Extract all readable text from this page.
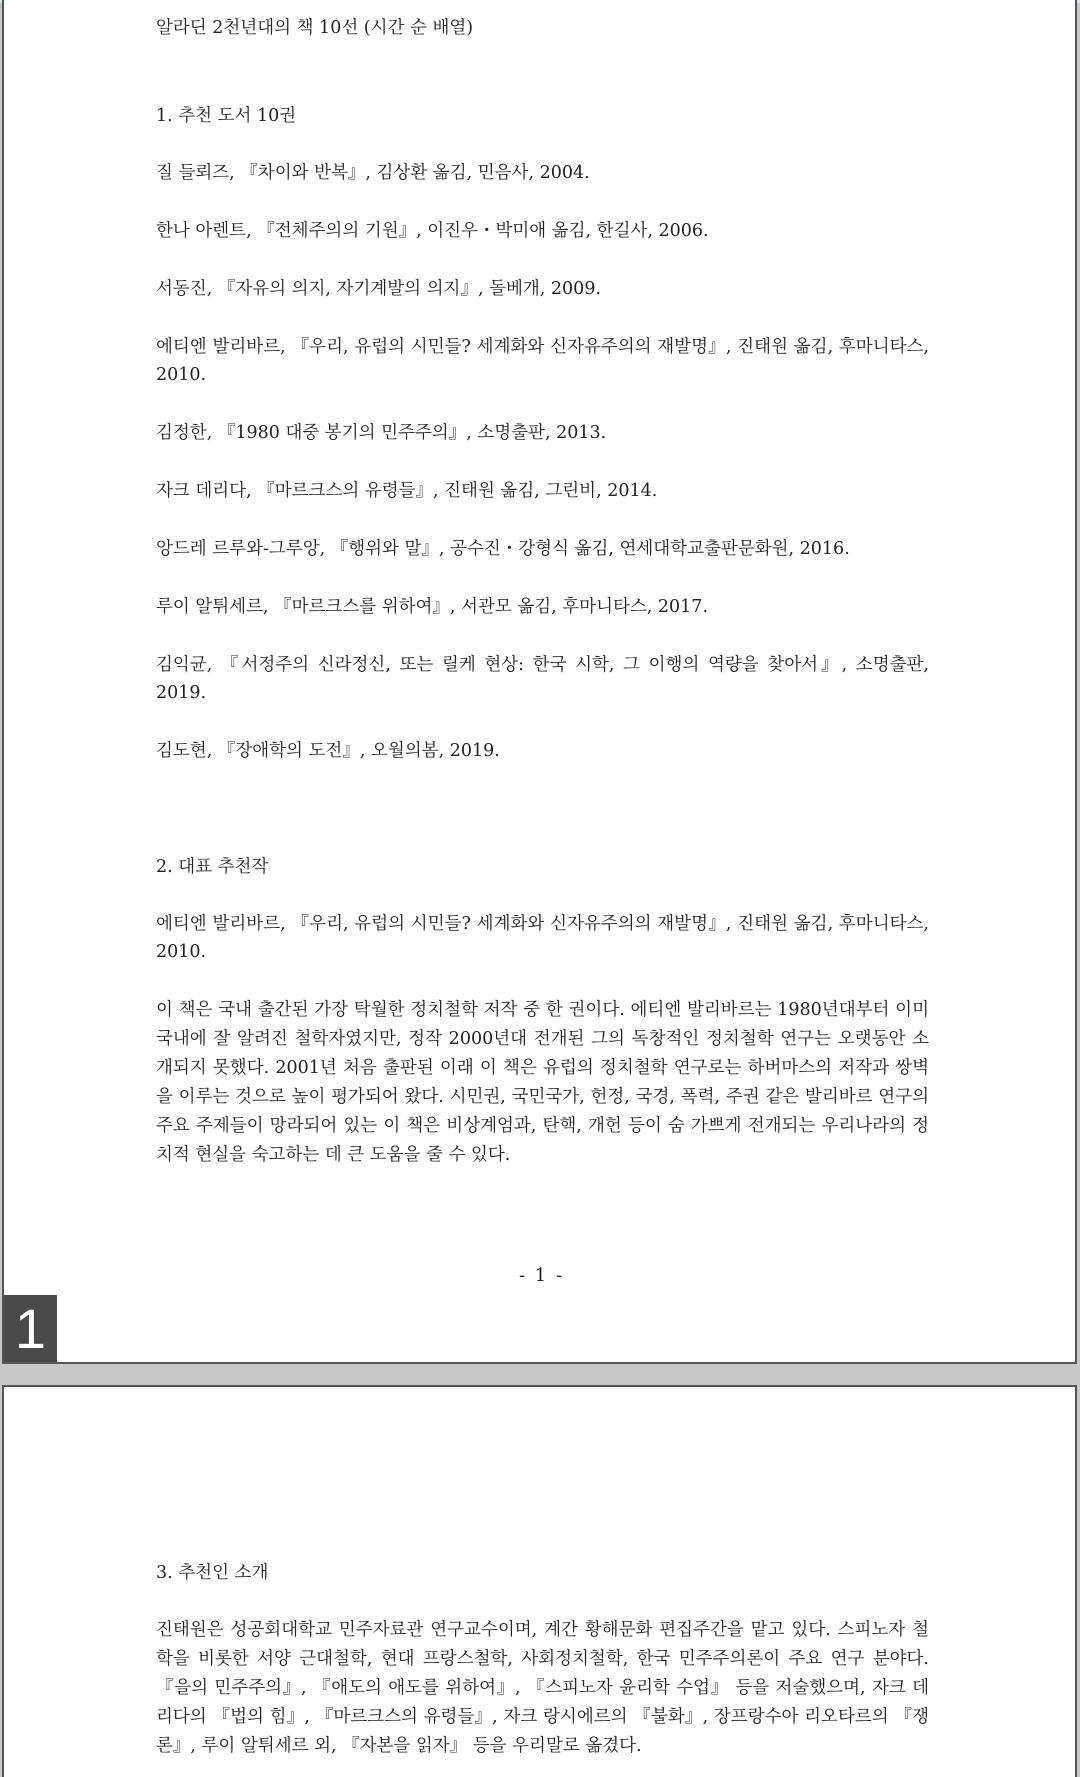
알라딘 2천년대의 책 10선 (시간 순 배열)
1. 추천 도서 10권
질 들뢰즈, 『차이와 반복』, 김상환 옮김, 민음사, 2004.
한나 아렌트, 『전체주의의 기원』, 이진우・박미애 옮김, 한길사, 2006.
서동진, 『자유의 의지, 자기계발의 의지』, 돌베개, 2009.
에티엔 발리바르, 『우리, 유럽의 시민들? 세계화와 신자유주의의 재발명』, 진태원 옮김, 후마니타스, 2010.
김정한, 『1980 대중 봉기의 민주주의』, 소명출판, 2013.
자크 데리다, 『마르크스의 유령들』, 진태원 옮김, 그린비, 2014.
앙드레 르루와-그루앙, 『행위와 말』, 공수진・강형식 옮김, 연세대학교출판문화원, 2016.
루이 알튀세르, 『마르크스를 위하여』, 서관모 옮김, 후마니타스, 2017.
김익균, 『서정주의 신라정신, 또는 릴케 현상: 한국 시학, 그 이행의 역량을 찾아서』, 소명출판, 2019.
김도현, 『장애학의 도전』, 오월의봄, 2019.
2. 대표 추천작
에티엔 발리바르, 『우리, 유럽의 시민들? 세계화와 신자유주의의 재발명』, 진태원 옮김, 후마니타스, 2010.
이 책은 국내 출간된 가장 탁월한 정치철학 저작 중 한 권이다. 에티엔 발리바르는 1980년대부터 이미 국내에 잘 알려진 철학자였지만, 정작 2000년대 전개된 그의 독창적인 정치철학 연구는 오랫동안 소개되지 못했다. 2001년 처음 출판된 이래 이 책은 유럽의 정치철학 연구로는 하버마스의 저작과 쌍벽을 이루는 것으로 높이 평가되어 왔다. 시민권, 국민국가, 헌정, 국경, 폭력, 주권 같은 발리바르 연구의 주요 주제들이 망라되어 있는 이 책은 비상계엄과, 탄핵, 개헌 등이 숨 가쁘게 전개되는 우리나라의 정치적 현실을 숙고하는 데 큰 도움을 줄 수 있다.
- 1 -
1
3. 추천인 소개
진태원은 성공회대학교 민주자료관 연구교수이며, 계간 황해문화 편집주간을 맡고 있다. 스피노자 철학을 비롯한 서양 근대철학, 현대 프랑스철학, 사회정치철학, 한국 민주주의론이 주요 연구 분야다. 『을의 민주주의』, 『애도의 애도를 위하여』, 『스피노자 윤리학 수업』 등을 저술했으며, 자크 데리다의 『법의 힘』, 『마르크스의 유령들』, 자크 랑시에르의 『불화』, 장프랑수아 리오타르의 『쟁론』, 루이 알튀세르 외, 『자본을 읽자』 등을 우리말로 옮겼다.
